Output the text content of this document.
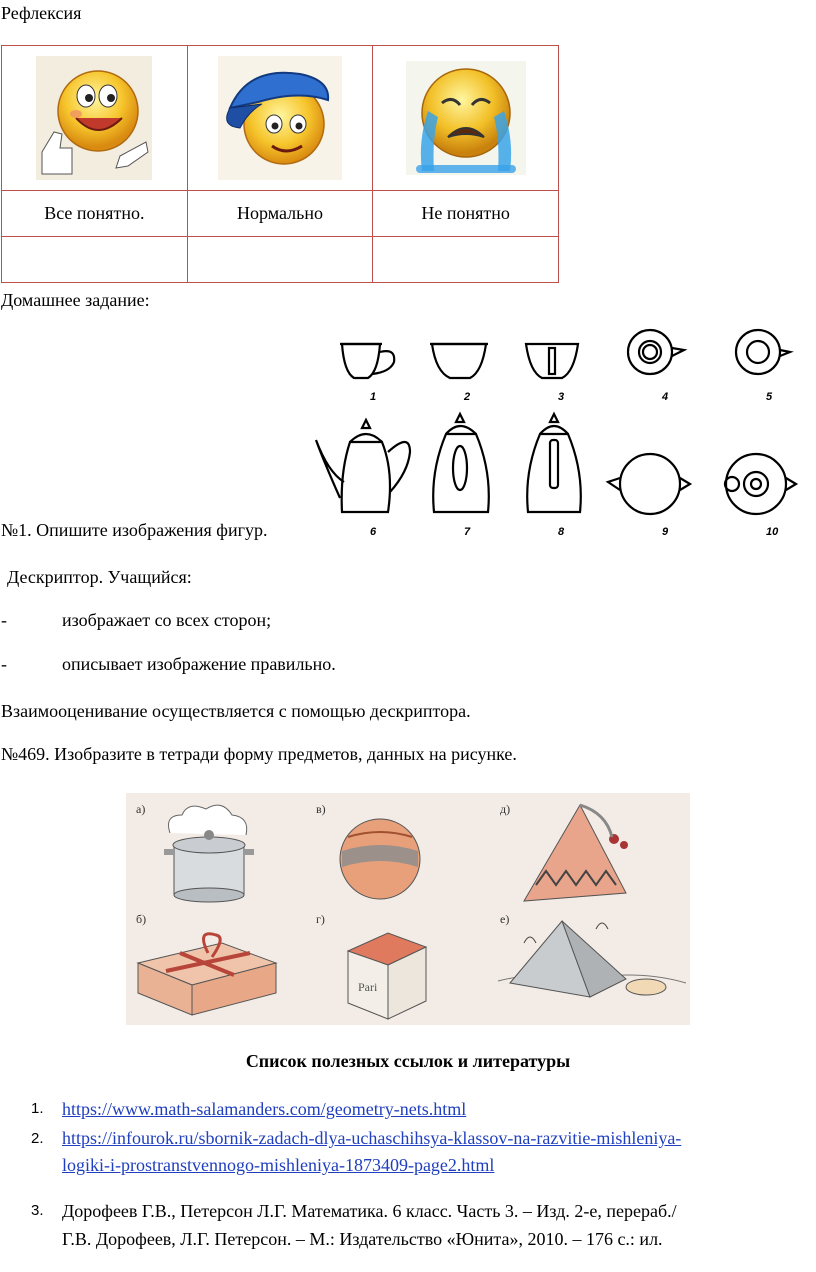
Рефлексия

Все понятно.	Нормально	Не понятно

Домашнее задание:
1	2	3	4	5
6	7	8	9	10
№1. Опишите изображения фигур.
Дескриптор. Учащийся:
-	изображает со всех сторон;
-	описывает изображение правильно.
Взаимооценивание осуществляется с помощью дескриптора.
№469. Изобразите в тетради форму предметов, данных на рисунке.
а)	в)	д)
б)	г)	е)
Pari
Список полезных ссылок и литературы
1. https://www.math-salamanders.com/geometry-nets.html
2. https://infourok.ru/sbornik-zadach-dlya-uchaschihsya-klassov-na-razvitie-mishleniya-
logiki-i-prostranstvennogo-mishleniya-1873409-page2.html
3. Дорофеев Г.В., Петерсон Л.Г. Математика. 6 класс. Часть 3. – Изд. 2-е, перераб./
Г.В. Дорофеев, Л.Г. Петерсон. – М.: Издательство «Юнита», 2010. – 176 с.: ил.
